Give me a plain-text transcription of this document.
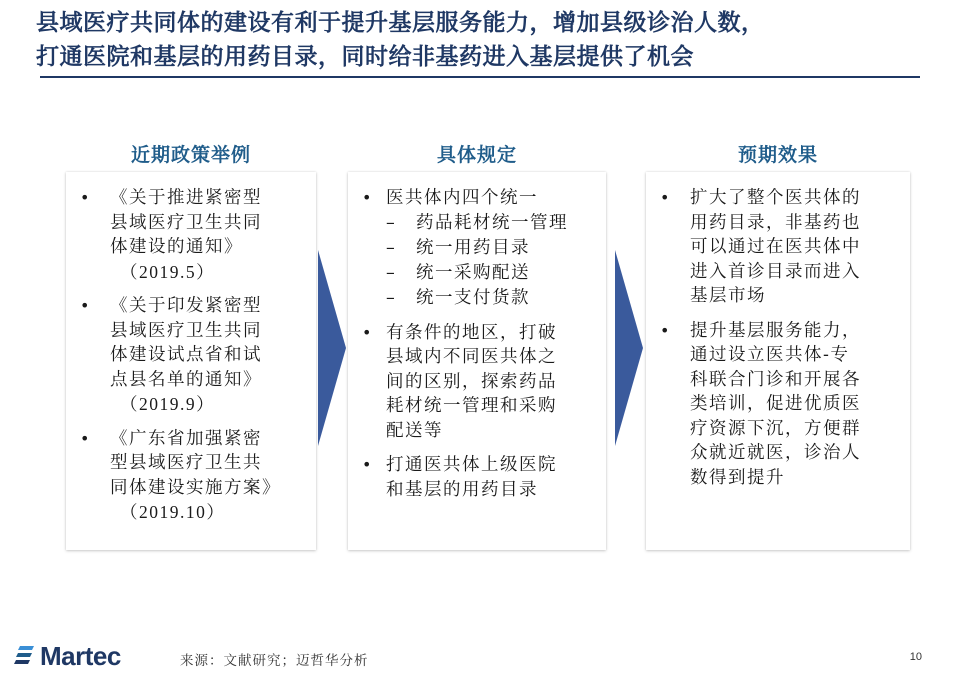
县域医疗共同体的建设有利于提升基层服务能力，增加县级诊治人数，
打通医院和基层的用药目录，同时给非基药进入基层提供了机会
近期政策举例	具体规定	预期效果
• 《关于推进紧密型
县域医疗卫生共同
体建设的通知》
（2019.5）
• 《关于印发紧密型
县域医疗卫生共同
体建设试点省和试
点县名单的通知》
（2019.9）
• 《广东省加强紧密
型县域医疗卫生共
同体建设实施方案》
（2019.10）
• 医共体内四个统一
– 药品耗材统一管理
– 统一用药目录
– 统一采购配送
– 统一支付货款
• 有条件的地区，打破
县域内不同医共体之
间的区别，探索药品
耗材统一管理和采购
配送等
• 打通医共体上级医院
和基层的用药目录
• 扩大了整个医共体的
用药目录，非基药也
可以通过在医共体中
进入首诊目录而进入
基层市场
• 提升基层服务能力，
通过设立医共体-专
科联合门诊和开展各
类培训，促进优质医
疗资源下沉，方便群
众就近就医，诊治人
数得到提升
Martec	来源：文献研究；迈哲华分析	10
